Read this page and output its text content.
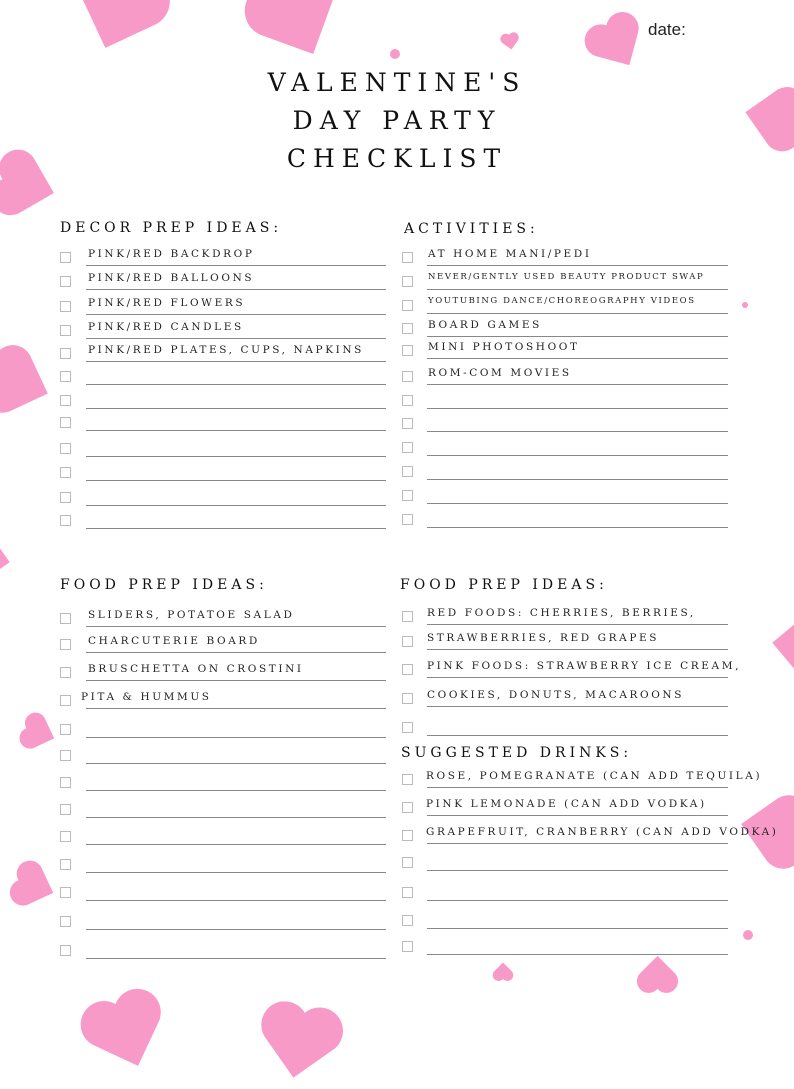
date:
VALENTINE'S
DAY PARTY
CHECKLIST
DECOR PREP IDEAS:	ACTIVITIES:
FOOD PREP IDEAS:	FOOD PREP IDEAS:
SUGGESTED DRINKS:
PINK/RED BACKDROP
PINK/RED BALLOONS
PINK/RED FLOWERS
PINK/RED CANDLES
PINK/RED PLATES, CUPS, NAPKINS
AT HOME MANI/PEDI
NEVER/GENTLY USED BEAUTY PRODUCT SWAP
YOUTUBING DANCE/CHOREOGRAPHY VIDEOS
BOARD GAMES
MINI PHOTOSHOOT
ROM-COM MOVIES
SLIDERS, POTATOE SALAD
CHARCUTERIE BOARD
BRUSCHETTA ON CROSTINI
PITA & HUMMUS
RED FOODS: CHERRIES, BERRIES,
STRAWBERRIES, RED GRAPES
PINK FOODS: STRAWBERRY ICE CREAM,
COOKIES, DONUTS, MACAROONS
ROSE, POMEGRANATE (CAN ADD TEQUILA)
PINK LEMONADE (CAN ADD VODKA)
GRAPEFRUIT, CRANBERRY (CAN ADD VODKA)
